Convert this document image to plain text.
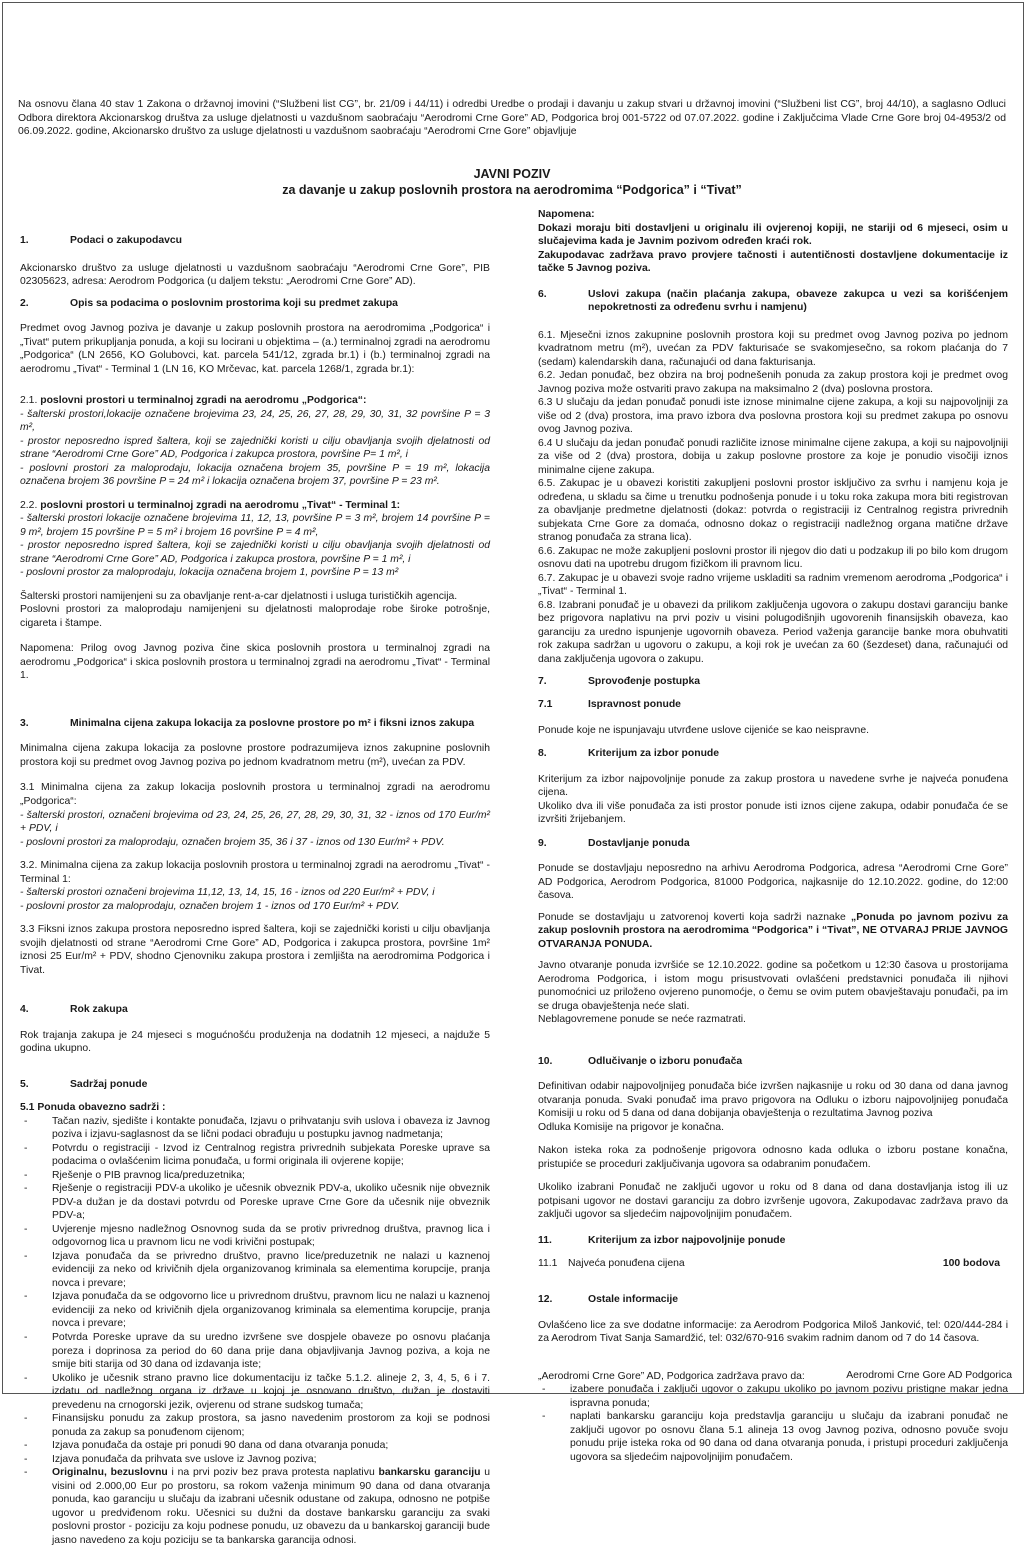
Na osnovu člana 40 stav 1 Zakona o državnoj imovini (“Službeni list CG”, br. 21/09 i 44/11) i odredbi Uredbe o prodaji i davanju u zakup stvari u državnoj imovini (“Službeni list CG”, broj 44/10), a saglasno Odluci Odbora direktora Akcionarskog društva za usluge djelatnosti u vazdušnom saobraćaju “Aerodromi Crne Gore” AD, Podgorica broj 001-5722 od 07.07.2022. godine i Zaključcima Vlade Crne Gore broj 04-4953/2 od 06.09.2022. godine, Akcionarsko društvo za usluge djelatnosti u vazdušnom saobraćaju “Aerodromi Crne Gore” objavljuje
JAVNI POZIV
za davanje u zakup poslovnih prostora na aerodromima “Podgorica” i “Tivat”
1.	Podaci o zakupodavcu

Akcionarsko društvo za usluge djelatnosti u vazdušnom saobraćaju “Aerodromi Crne Gore”, PIB 02305623, adresa: Aerodrom Podgorica (u daljem tekstu: „Aerodromi Crne Gore” AD).

2.	Opis sa podacima o poslovnim prostorima koji su predmet zakupa

Predmet ovog Javnog poziva je davanje u zakup poslovnih prostora na aerodromima „Podgorica“ i „Tivat“ putem prikupljanja ponuda, a koji su locirani u objektima – (a.) terminalnoj zgradi na aerodromu „Podgorica“ (LN 2656, KO Golubovci, kat. parcela 541/12, zgrada br.1) i (b.) terminalnoj zgradi na aerodromu „Tivat“ - Terminal 1 (LN 16, KO Mrčevac, kat. parcela 1268/1, zgrada br.1):

2.1. poslovni prostori u terminalnoj zgradi na aerodromu „Podgorica“:
- šalterski prostori,lokacije označene brojevima 23, 24, 25, 26, 27, 28, 29, 30, 31, 32 površine P = 3 m²,
- prostor neposredno ispred šaltera, koji se zajednički koristi u cilju obavljanja svojih djelatnosti od strane “Aerodromi Crne Gore” AD, Podgorica i zakupca prostora, površine P= 1 m², i
- poslovni prostori za maloprodaju, lokacija označena brojem 35, površine P = 19 m², lokacija označena brojem 36 površine P = 24 m² i lokacija označena brojem 37, površine P = 23 m².
2.2. poslovni prostori u terminalnoj zgradi na aerodromu „Tivat“ - Terminal 1:
- šalterski prostori lokacije označene brojevima 11, 12, 13, površine P = 3 m², brojem 14 površine P = 9 m², brojem 15 površine P = 5 m² i brojem 16 površine P = 4 m²,
- prostor neposredno ispred šaltera, koji se zajednički koristi u cilju obavljanja svojih djelatnosti od strane “Aerodromi Crne Gore” AD, Podgorica i zakupca prostora, površine P = 1 m², i
- poslovni prostor za maloprodaju, lokacija označena brojem 1, površine P = 13 m²
Šalterski prostori namijenjeni su za obavljanje rent-a-car djelatnosti i usluga turističkih agencija.

Poslovni prostori za maloprodaju namijenjeni su djelatnosti maloprodaje robe široke potrošnje, cigareta i štampe.

Napomena: Prilog ovog Javnog poziva čine skica poslovnih prostora u terminalnoj zgradi na aerodromu „Podgorica“ i skica poslovnih prostora u terminalnoj zgradi na aerodromu „Tivat“ - Terminal 1.

3.	Minimalna cijena zakupa lokacija za poslovne prostore po m² i fiksni iznos zakupa

Minimalna cijena zakupa lokacija za poslovne prostore podrazumijeva iznos zakupnine poslovnih prostora koji su predmet ovog Javnog poziva po jednom kvadratnom metru (m²), uvećan za PDV.

3.1 Minimalna cijena za zakup lokacija poslovnih prostora u terminalnoj zgradi na aerodromu „Podgorica“:
- šalterski prostori, označeni brojevima od 23, 24, 25, 26, 27, 28, 29, 30, 31, 32 - iznos od 170 Eur/m² + PDV, i
- poslovni prostori za maloprodaju, označen brojem 35, 36 i 37 - iznos od 130 Eur/m² + PDV.
3.2. Minimalna cijena za zakup lokacija poslovnih prostora u terminalnoj zgradi na aerodromu „Tivat“ -Terminal 1:
- šalterski prostori označeni brojevima 11,12, 13, 14, 15, 16 - iznos od 220 Eur/m² + PDV, i
- poslovni prostor za maloprodaju, označen brojem 1 - iznos od 170 Eur/m² + PDV.

3.3 Fiksni iznos zakupa prostora neposredno ispred šaltera, koji se zajednički koristi u cilju obavljanja svojih djelatnosti od strane “Aerodromi Crne Gore” AD, Podgorica i zakupca prostora, površine 1m² iznosi 25 Eur/m² + PDV, shodno Cjenovniku zakupa prostora i zemljišta na aerodromima Podgorica i Tivat.

4.	Rok zakupa

Rok trajanja zakupa je 24 mjeseci s mogućnošću produženja na dodatnih 12 mjeseci, a najduže 5 godina ukupno.

5.	Sadržaj ponude
5.1 Ponuda obavezno sadrži :
-	Tačan naziv, sjedište i kontakte ponuđača, Izjavu o prihvatanju svih uslova i obaveza iz Javnog poziva i izjavu-saglasnost da se lični podaci obrađuju u postupku javnog nadmetanja;
-	Potvrdu o registraciji - Izvod iz Centralnog registra privrednih subjekata Poreske uprave sa podacima o ovlašćenim licima ponuđača, u formi originala ili ovjerene kopije;
-	Rješenje o PIB pravnog lica/preduzetnika;
-	Rješenje o registraciji PDV-a ukoliko je učesnik obveznik PDV-a, ukoliko učesnik nije obveznik PDV-a dužan je da dostavi potvrdu od Poreske uprave Crne Gore da učesnik nije obveznik PDV-a;
-	Uvjerenje mjesno nadležnog Osnovnog suda da se protiv privrednog društva, pravnog lica i odgovornog lica u pravnom licu ne vodi krivični postupak;
-	Izjava ponuđača da se privredno društvo, pravno lice/preduzetnik ne nalazi u kaznenoj evidenciji za neko od krivičnih djela organizovanog kriminala sa elementima korupcije, pranja novca i prevare;
-	Izjava ponuđača da se odgovorno lice u privrednom društvu, pravnom licu ne nalazi u kaznenoj evidenciji za neko od krivičnih djela organizovanog kriminala sa elementima korupcije, pranja novca i prevare;
-	Potvrda Poreske uprave da su uredno izvršene sve dospjele obaveze po osnovu plaćanja poreza i doprinosa za period do 60 dana prije dana objavljivanja Javnog poziva, a koja ne smije biti starija od 30 dana od izdavanja iste;
-	Ukoliko je učesnik strano pravno lice dokumentaciju iz tačke 5.1.2. alineje 2, 3, 4, 5, 6 i 7. izdatu od nadležnog organa iz države u kojoj je osnovano društvo, dužan je dostaviti prevedenu na crnogorski jezik, ovjerenu od strane sudskog tumača;
-	Finansijsku ponudu za zakup prostora, sa jasno navedenim prostorom za koji se podnosi ponuda za zakup sa ponuđenom cijenom;
-	Izjava ponuđača da ostaje pri ponudi 90 dana od dana otvaranja ponuda;
-	Izjava ponuđača da prihvata sve uslove iz Javnog poziva;
-	Originalnu, bezuslovnu i na prvi poziv bez prava protesta naplativu bankarsku garanciju u visini od 2.000,00 Eur po prostoru, sa rokom važenja minimum 90 dana od dana otvaranja ponuda, kao garanciju u slučaju da izabrani učesnik odustane od zakupa, odnosno ne potpiše ugovor u predviđenom roku. Učesnici su dužni da dostave bankarsku garanciju za svaki poslovni prostor - poziciju za koju podnese ponudu, uz obavezu da u bankarskoj garanciji bude jasno navedeno za koju poziciju se ta bankarska garancija odnosi.
Napomena:
Dokazi moraju biti dostavljeni u originalu ili ovjerenoj kopiji, ne stariji od 6 mjeseci, osim u slučajevima kada je Javnim pozivom određen kraći rok.
Zakupodavac zadržava pravo provjere tačnosti i autentičnosti dostavljene dokumentacije iz tačke 5 Javnog poziva.
6.	Uslovi zakupa (način plaćanja zakupa, obaveze zakupca u vezi sa korišćenjem nepokretnosti za određenu svrhu i namjenu)
6.1. Mjesečni iznos zakupnine poslovnih prostora koji su predmet ovog Javnog poziva po jednom kvadratnom metru (m²), uvećan za PDV fakturisaće se svakomjesečno, sa rokom plaćanja do 7 (sedam) kalendarskih dana, računajući od dana fakturisanja.
6.2. Jedan ponuđač, bez obzira na broj podnešenih ponuda za zakup prostora koji je predmet ovog Javnog poziva može ostvariti pravo zakupa na maksimalno 2 (dva) poslovna prostora.
6.3 U slučaju da jedan ponuđač ponudi iste iznose minimalne cijene zakupa, a koji su najpovoljniji za više od 2 (dva) prostora, ima pravo izbora dva poslovna prostora koji su predmet zakupa po osnovu ovog Javnog poziva.
6.4 U slučaju da jedan ponuđač ponudi različite iznose minimalne cijene zakupa, a koji su najpovoljniji za više od 2 (dva) prostora, dobija u zakup poslovne prostore za koje je ponudio visočiji iznos minimalne cijene zakupa.
6.5. Zakupac je u obavezi koristiti zakupljeni poslovni prostor isključivo za svrhu i namjenu koja je određena, u skladu sa čime u trenutku podnošenja ponude i u toku roka zakupa mora biti registrovan za obavljanje predmetne djelatnosti (dokaz: potvrda o registraciji iz Centralnog registra privrednih subjekata Crne Gore za domaća, odnosno dokaz o registraciji nadležnog organa matične države stranog ponuđača za strana lica).
6.6. Zakupac ne može zakupljeni poslovni prostor ili njegov dio dati u podzakup ili po bilo kom drugom osnovu dati na upotrebu drugom fizičkom ili pravnom licu.
6.7. Zakupac je u obavezi svoje radno vrijeme uskladiti sa radnim vremenom aerodroma „Podgorica“ i „Tivat“ - Terminal 1.
6.8. Izabrani ponuđač je u obavezi da prilikom zaključenja ugovora o zakupu dostavi garanciju banke bez prigovora naplativu na prvi poziv u visini polugodišnjih ugovorenih finansijskih obaveza, kao garanciju za uredno ispunjenje ugovornih obaveza. Period važenja garancije banke mora obuhvatiti rok zakupa sadržan u ugovoru o zakupu, a koji rok je uvećan za 60 (šezdeset) dana, računajući od dana zaključenja ugovora o zakupu.
7.	Sprovođenje postupka
7.1	Ispravnost ponude

Ponude koje ne ispunjavaju utvrđene uslove cijeniće se kao neispravne.

8.	Kriterijum za izbor ponude
Kriterijum za izbor najpovoljnije ponude za zakup prostora u navedene svrhe je najveća ponuđena cijena.

Ukoliko dva ili više ponuđača za isti prostor ponude isti iznos cijene zakupa, odabir ponuđača će se izvršiti žrijebanjem.

9.	Dostavljanje ponuda

Ponude se dostavljaju neposredno na arhivu Aerodroma Podgorica, adresa “Aerodromi Crne Gore” AD Podgorica, Aerodrom Podgorica, 81000 Podgorica, najkasnije do 12.10.2022. godine, do 12:00 časova.

Ponude se dostavljaju u zatvorenoj koverti koja sadrži naznake „Ponuda po javnom pozivu za zakup poslovnih prostora na aerodromima “Podgorica” i “Tivat”, NE OTVARAJ PRIJE JAVNOG OTVARANJA PONUDA.

Javno otvaranje ponuda izvršiće se 12.10.2022. godine sa početkom u 12:30 časova u prostorijama Aerodroma Podgorica, i istom mogu prisustvovati ovlašćeni predstavnici ponuđača ili njihovi punomoćnici uz priloženo ovjereno punomoćje, o čemu se ovim putem obavještavaju ponuđači, pa im se druga obavještenja neće slati.

Neblagovremene ponude se neće razmatrati.

10.	Odlučivanje o izboru ponuđača
Definitivan odabir najpovoljnijeg ponuđača biće izvršen najkasnije u roku od 30 dana od dana javnog otvaranja ponuda. Svaki ponuđač ima pravo prigovora na Odluku o izboru najpovoljnijeg ponuđača Komisiji u roku od 5 dana od dana dobijanja obavještenja o rezultatima Javnog poziva

Odluka Komisije na prigovor je konačna.

Nakon isteka roka za podnošenje prigovora odnosno kada odluka o izboru postane konačna, pristupiće se proceduri zaključivanja ugovora sa odabranim ponuđačem.

Ukoliko izabrani Ponuđač ne zaključi ugovor u roku od 8 dana od dana dostavljanja istog ili uz potpisani ugovor ne dostavi garanciju za dobro izvršenje ugovora, Zakupodavac zadržava pravo da zaključi ugovor sa sljedećim najpovoljnijim ponuđačem.

11.	Kriterijum za izbor najpovoljnije ponude
11.1 Najveća ponuđena cijena	100 bodova
12.	Ostale informacije

Ovlašćeno lice za sve dodatne informacije: za Aerodrom Podgorica Miloš Janković, tel: 020/444-284 i za Aerodrom Tivat Sanja Samardžić, tel: 032/670-916 svakim radnim danom od 7 do 14 časova.

„Aerodromi Crne Gore” AD, Podgorica zadržava pravo da:
-	izabere ponuđača i zaključi ugovor o zakupu ukoliko po javnom pozivu pristigne makar jedna ispravna ponuda;
-	naplati bankarsku garanciju koja predstavlja garanciju u slučaju da izabrani ponuđač ne zaključi ugovor po osnovu člana 5.1 alineja 13 ovog Javnog poziva, odnosno povuče svoju ponudu prije isteka roka od 90 dana od dana otvaranja ponuda, i pristupi proceduri zaključenja ugovora sa sljedećim najpovoljnijim ponuđačem.
Aerodromi Crne Gore AD Podgorica
